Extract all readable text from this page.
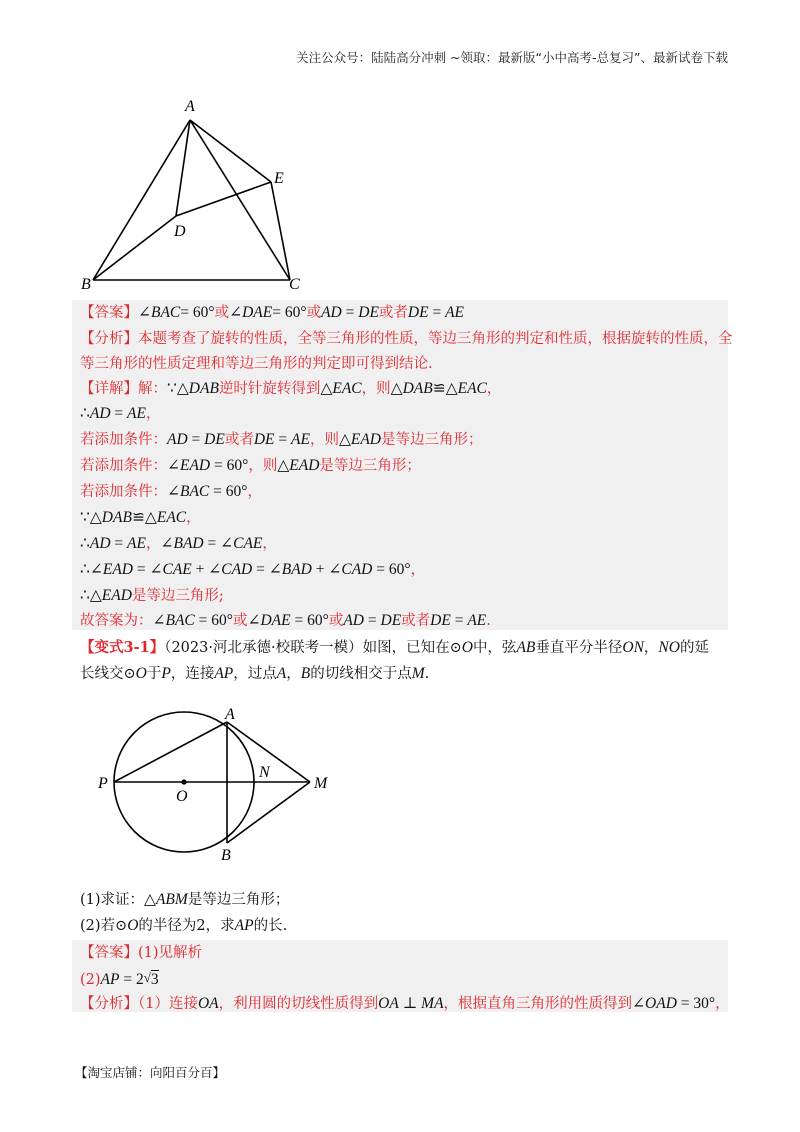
关注公众号：陆陆高分冲刺 ~领取：最新版“小中高考-总复习”、最新试卷下载
A
B	C
D
E
【答案】∠BAC= 60°或∠DAE= 60°或AD = DE或者DE = AE
【分析】本题考查了旋转的性质，全等三角形的性质，等边三角形的判定和性质，根据旋转的性质，全
等三角形的性质定理和等边三角形的判定即可得到结论.
【详解】解：∵△DAB逆时针旋转得到△EAC，则△DAB≌△EAC，
∴AD = AE，
若添加条件：AD = DE或者DE = AE，则△EAD是等边三角形；
若添加条件：∠EAD = 60°，则△EAD是等边三角形；
若添加条件：∠BAC = 60°，
∵△DAB≌△EAC，
∴AD = AE，∠BAD = ∠CAE，
∴∠EAD = ∠CAE + ∠CAD = ∠BAD + ∠CAD = 60°，
∴△EAD是等边三角形;
故答案为：∠BAC = 60°或∠DAE = 60°或AD = DE或者DE = AE.
【变式3-1】（2023·河北承德·校联考一模）如图，已知在⊙O中，弦AB垂直平分半径ON，NO的延
长线交⊙O于P，连接AP，过点A，B的切线相交于点M.
A
B
P
O
N
M
(1)求证：△ABM是等边三角形；
(2)若⊙O的半径为2，求AP的长.
【答案】(1)见解析
(2)AP = 2√3
【分析】（1）连接OA，利用圆的切线性质得到OA ⊥ MA，根据直角三角形的性质得到∠OAD = 30°，
【淘宝店铺：向阳百分百】
